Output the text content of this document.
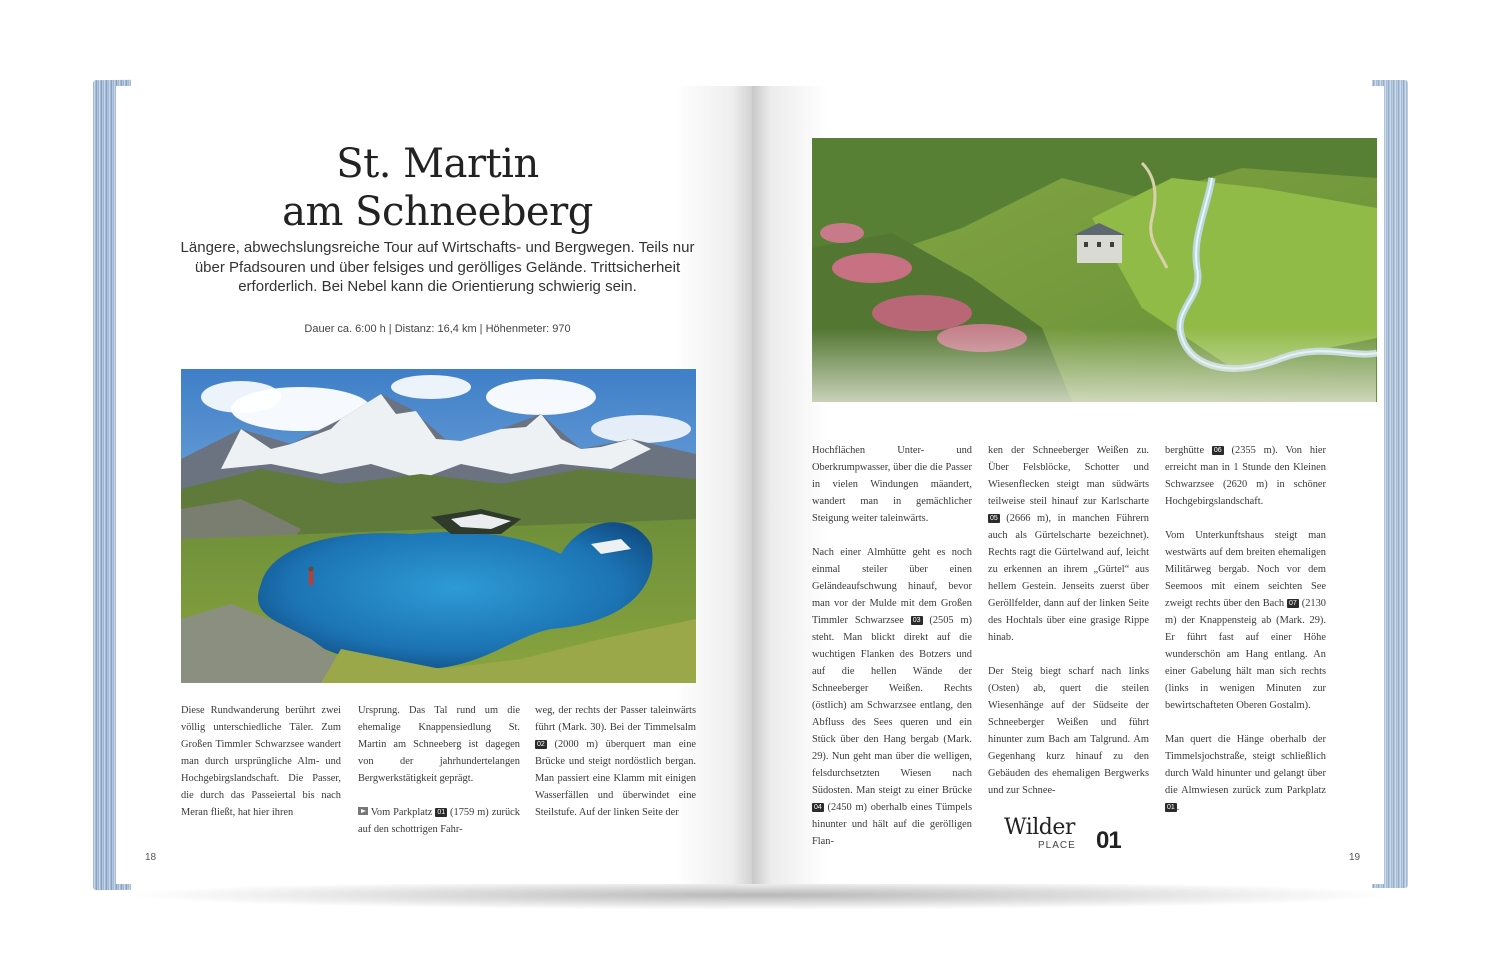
St. Martin
am Schneeberg

Längere, abwechslungsreiche Tour auf Wirtschafts- und Bergwegen. Teils nur über Pfadsouren und über felsiges und gerölliges Gelände. Trittsicherheit erforderlich. Bei Nebel kann die Orientierung schwierig sein.

Dauer ca. 6:00 h | Distanz: 16,4 km | Höhenmeter: 970

Diese Rundwanderung berührt zwei völlig unterschiedliche Täler. Zum Großen Timmler Schwarzsee wandert man durch ursprüngliche Alm- und Hochgebirgslandschaft. Die Passer, die durch das Passeiertal bis nach Meran fließt, hat hier ihren

Ursprung. Das Tal rund um die ehemalige Knappensiedlung St. Martin am Schneeberg ist dagegen von der jahrhundertelangen Bergwerkstätigkeit geprägt.

Vom Parkplatz 01 (1759 m) zurück auf den schottrigen Fahr-

weg, der rechts der Passer taleinwärts führt (Mark. 30). Bei der Timmelsalm 02 (2000 m) überquert man eine Brücke und steigt nordöstlich bergan. Man passiert eine Klamm mit einigen Wasserfällen und überwindet eine Steilstufe. Auf der linken Seite der

18

Hochflächen Unter- und Oberkrumpwasser, über die die Passer in vielen Windungen mäandert, wandert man in gemächlicher Steigung weiter taleinwärts.

Nach einer Almhütte geht es noch einmal steiler über einen Geländeaufschwung hinauf, bevor man vor der Mulde mit dem Großen Timmler Schwarzsee 03 (2505 m) steht. Man blickt direkt auf die wuchtigen Flanken des Botzers und auf die hellen Wände der Schneeberger Weißen. Rechts (östlich) am Schwarzsee entlang, den Abfluss des Sees queren und ein Stück über den Hang bergab (Mark. 29). Nun geht man über die welligen, felsdurchsetzten Wiesen nach Südosten. Man steigt zu einer Brücke 04 (2450 m) oberhalb eines Tümpels hinunter und hält auf die gerölligen Flan-

ken der Schneeberger Weißen zu. Über Felsblöcke, Schotter und Wiesenflecken steigt man südwärts teilweise steil hinauf zur Karlscharte 05 (2666 m), in manchen Führern auch als Gürtelscharte bezeichnet). Rechts ragt die Gürtelwand auf, leicht zu erkennen an ihrem „Gürtel“ aus hellem Gestein. Jenseits zuerst über Geröllfelder, dann auf der linken Seite des Hochtals über eine grasige Rippe hinab.

Der Steig biegt scharf nach links (Osten) ab, quert die steilen Wiesenhänge auf der Südseite der Schneeberger Weißen und führt hinunter zum Bach am Talgrund. Am Gegenhang kurz hinauf zu den Gebäuden des ehemaligen Bergwerks und zur Schnee-

berghütte 06 (2355 m). Von hier erreicht man in 1 Stunde den Kleinen Schwarzsee (2620 m) in schöner Hochgebirgslandschaft.

Vom Unterkunftshaus steigt man westwärts auf dem breiten ehemaligen Militärweg bergab. Noch vor dem Seemoos mit einem seichten See zweigt rechts über den Bach 07 (2130 m) der Knappensteig ab (Mark. 29). Er führt fast auf einer Höhe wunderschön am Hang entlang. An einer Gabelung hält man sich rechts (links in wenigen Minuten zur bewirtschafteten Oberen Gostalm).

Man quert die Hänge oberhalb der Timmelsjochstraße, steigt schließlich durch Wald hinunter und gelangt über die Almwiesen zurück zum Parkplatz 01 .

Wilder
PLACE 01
19
